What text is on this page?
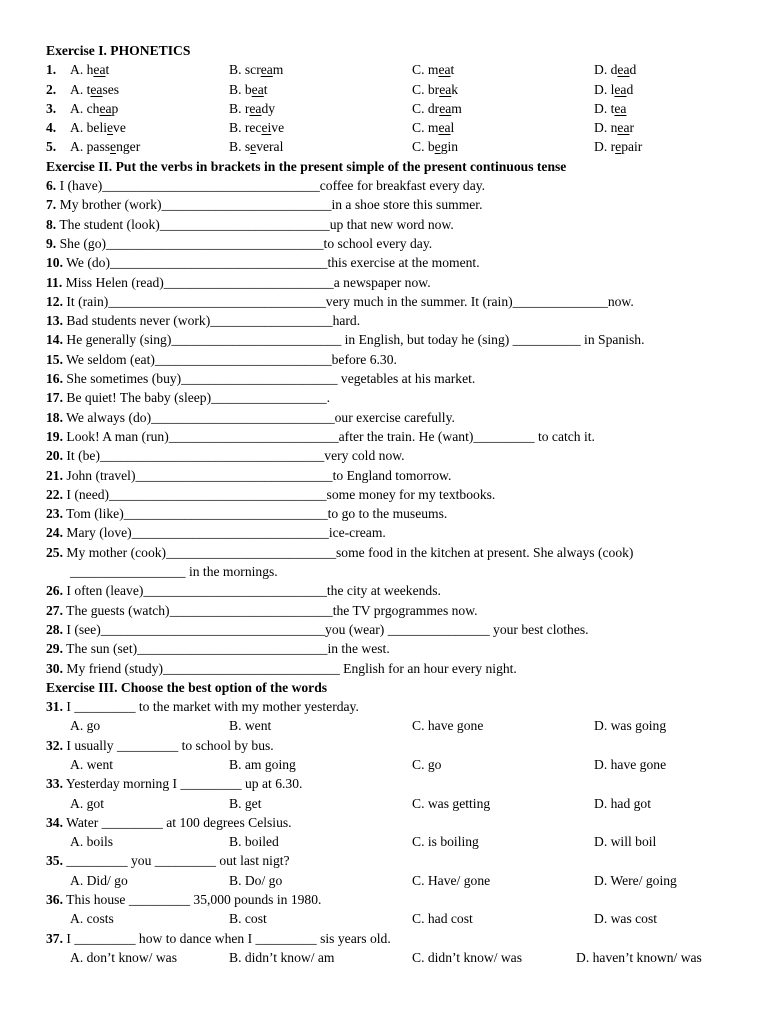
Exercise I. PHONETICS
1. A. heat	B. scream	C. meat	D. dead
2. A. teases	B. beat	C. break	D. lead
3. A. cheap	B. ready	C. dream	D. tea
4. A. believe	B. receive	C. meal	D. near
5. A. passenger	B. several	C. begin	D. repair
Exercise II. Put the verbs in brackets in the present simple of the present continuous tense
6. I (have)________________________________coffee for breakfast every day.
7. My brother (work)_________________________in a shoe store this summer.
8. The student (look)_________________________up that new word now.
9. She (go)________________________________to school every day.
10. We (do)________________________________this exercise at the moment.
11. Miss Helen (read)_________________________a newspaper now.
12. It (rain)________________________________very much in the summer. It (rain)______________now.
13. Bad students never (work)__________________hard.
14. He generally (sing)_________________________ in English, but today he (sing) __________ in Spanish.
15. We seldom (eat)__________________________before 6.30.
16. She sometimes (buy)_______________________ vegetables at his market.
17. Be quiet! The baby (sleep)_________________.
18. We always (do)___________________________our exercise carefully.
19. Look! A man (run)_________________________after the train. He (want)_________ to catch it.
20. It (be)_________________________________very cold now.
21. John (travel)_____________________________to England tomorrow.
22. I (need)________________________________some money for my textbooks.
23. Tom (like)______________________________to go to the museums.
24. Mary (love)_____________________________ice-cream.
25. My mother (cook)_________________________some food in the kitchen at present. She always (cook)
_________________ in the mornings.
26. I often (leave)___________________________the city at weekends.
27. The guests (watch)________________________the TV prgogrammes now.
28. I (see)_________________________________you (wear) _______________ your best clothes.
29. The sun (set)____________________________in the west.
30. My friend (study)__________________________ English for an hour every night.
Exercise III. Choose the best option of the words
31. I _________ to the market with my mother yesterday.
A. go	B. went	C. have gone	D. was going
32. I usually _________ to school by bus.
A. went	B. am going	C. go	D. have gone
33. Yesterday morning I _________ up at 6.30.
A. got	B. get	C. was getting	D. had got
34. Water _________ at 100 degrees Celsius.
A. boils	B. boiled	C. is boiling	D. will boil
35. _________ you _________ out last nigt?
A. Did/ go	B. Do/ go	C. Have/ gone	D. Were/ going
36. This house _________ 35,000 pounds in 1980.
A. costs	B. cost	C. had cost	D. was cost
37. I _________ how to dance when I _________ sis years old.
A. don’t know/ was	B. didn’t know/ am	C. didn’t know/ was	D. haven’t known/ was
